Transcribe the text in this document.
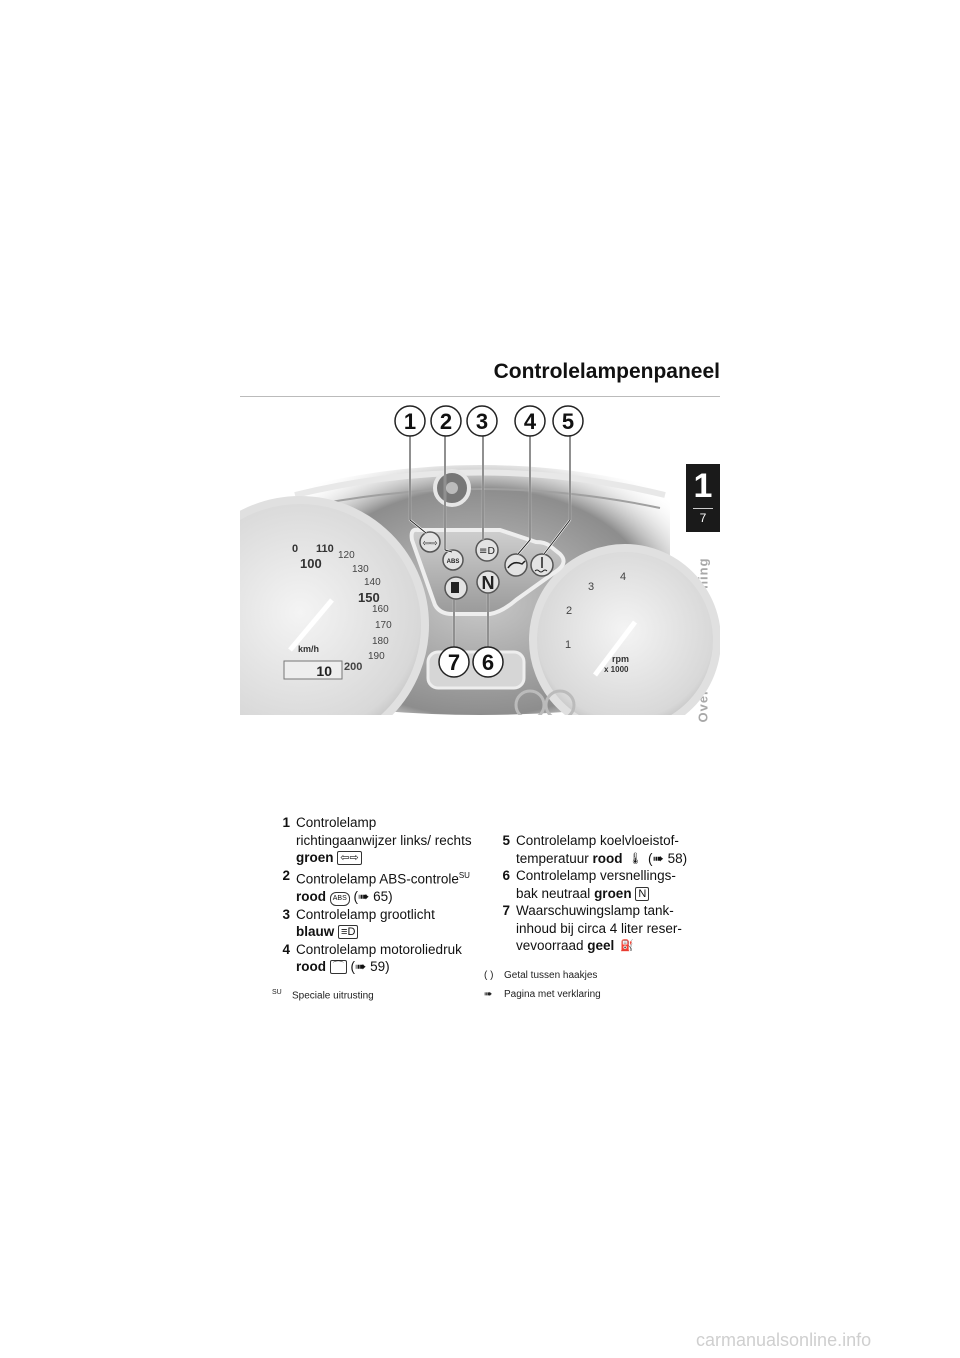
Controlelampenpaneel
1
7
0
100
110
120
130
140
150
160
170
180
190
200
km/h
10
1
2
3
4
rpm
x 1000
⇦⇨
ABS
≡D
N
1 2 3 4 5
7 6
1 Controlelamp richtingaanwijzer links/ rechts groen ⇦⇨
2 Controlelamp ABS-controle$^{SU}$ rood ABS (➠ 65)
3 Controlelamp grootlicht blauw ≡D
4 Controlelamp motoroliedruk rood ⌒ (➠ 59)
5 Controlelamp koelvloeistof-temperatuur rood 🌡 (➠ 58)
6 Controlelamp versnellings-bak neutraal groen N
7 Waarschuwingslamp tank-inhoud bij circa 4 liter reser-vevoorraad geel ⛽
( ) Getal tussen haakjes
➠ Pagina met verklaring
$^{SU}$ Speciale uitrusting
carmanualsonline.info
